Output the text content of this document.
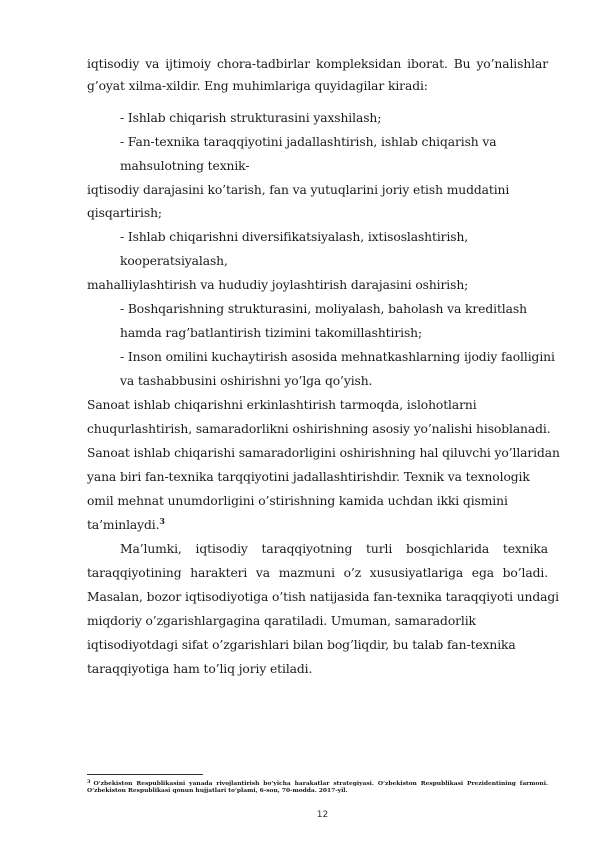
iqtisodiy va ijtimoiy chora-tadbirlar kompleksidan iborat. Bu yo’nalishlar
g’oyat xilma-xildir. Eng muhimlariga quyidagilar kiradi:
- Ishlab chiqarish strukturasini yaxshilash;
- Fan-texnika taraqqiyotini jadallashtirish, ishlab chiqarish va
mahsulotning texnik-
iqtisodiy darajasini ko’tarish, fan va yutuqlarini joriy etish muddatini
qisqartirish;
- Ishlab chiqarishni diversifikatsiyalash, ixtisoslashtirish,
kooperatsiyalash,
mahalliylashtirish va hududiy joylashtirish darajasini oshirish;
- Boshqarishning strukturasini, moliyalash, baholash va kreditlash
hamda rag’batlantirish tizimini takomillashtirish;
- Inson omilini kuchaytirish asosida mehnatkashlarning ijodiy faolligini
va tashabbusini oshirishni yo’lga qo’yish.
Sanoat ishlab chiqarishni erkinlashtirish tarmoqda, islohotlarni
chuqurlashtirish, samaradorlikni oshirishning asosiy yo’nalishi hisoblanadi.
Sanoat ishlab chiqarishi samaradorligini oshirishning hal qiluvchi yo’llaridan
yana biri fan-texnika tarqqiyotini jadallashtirishdir. Texnik va texnologik
omil mehnat unumdorligini o’stirishning kamida uchdan ikki qismini
ta’minlaydi.$^3$
Ma’lumki, iqtisodiy taraqqiyotning turli bosqichlarida texnika
taraqqiyotining harakteri va mazmuni o’z xususiyatlariga ega bo’ladi.
Masalan, bozor iqtisodiyotiga o’tish natijasida fan-texnika taraqqiyoti undagi
miqdoriy o’zgarishlargagina qaratiladi. Umuman, samaradorlik
iqtisodiyotdagi sifat o’zgarishlari bilan bog’liqdir, bu talab fan-texnika
taraqqiyotiga ham to’liq joriy etiladi.
$^3$ O’zbekiston Respublikasini yanada rivojlantirish bo’yicha harakatlar strategiyasi. O’zbekiston Respublikasi Prezidentining farmoni.
O’zbekiston Respublikasi qonun hujjatlari to’plami, 6-son, 70-modda. 2017-yil.
12
